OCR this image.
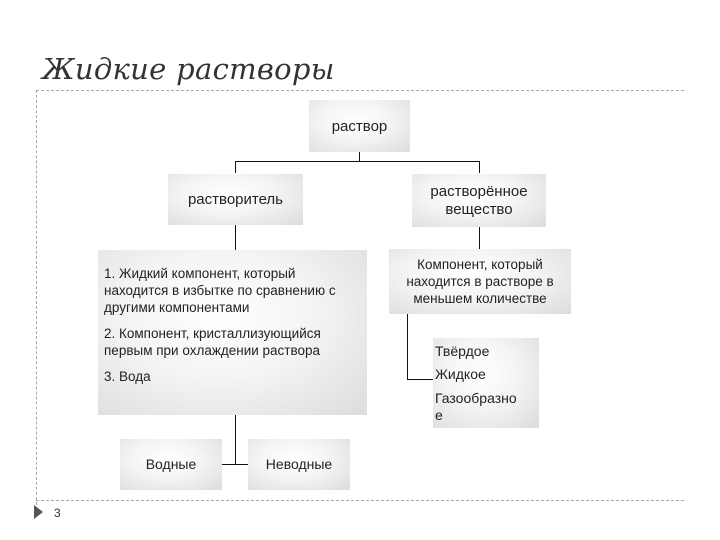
Жидкие растворы
раствор
растворитель	растворённое вещество
1. Жидкий компонент, который находится в избытке по сравнению с другими компонентами
2. Компонент, кристаллизующийся первым при охлаждении раствора
3. Вода
Компонент, который находится в растворе в меньшем количестве
Твёрдое
Жидкое
Газообразно
е
Водные	Неводные
3
